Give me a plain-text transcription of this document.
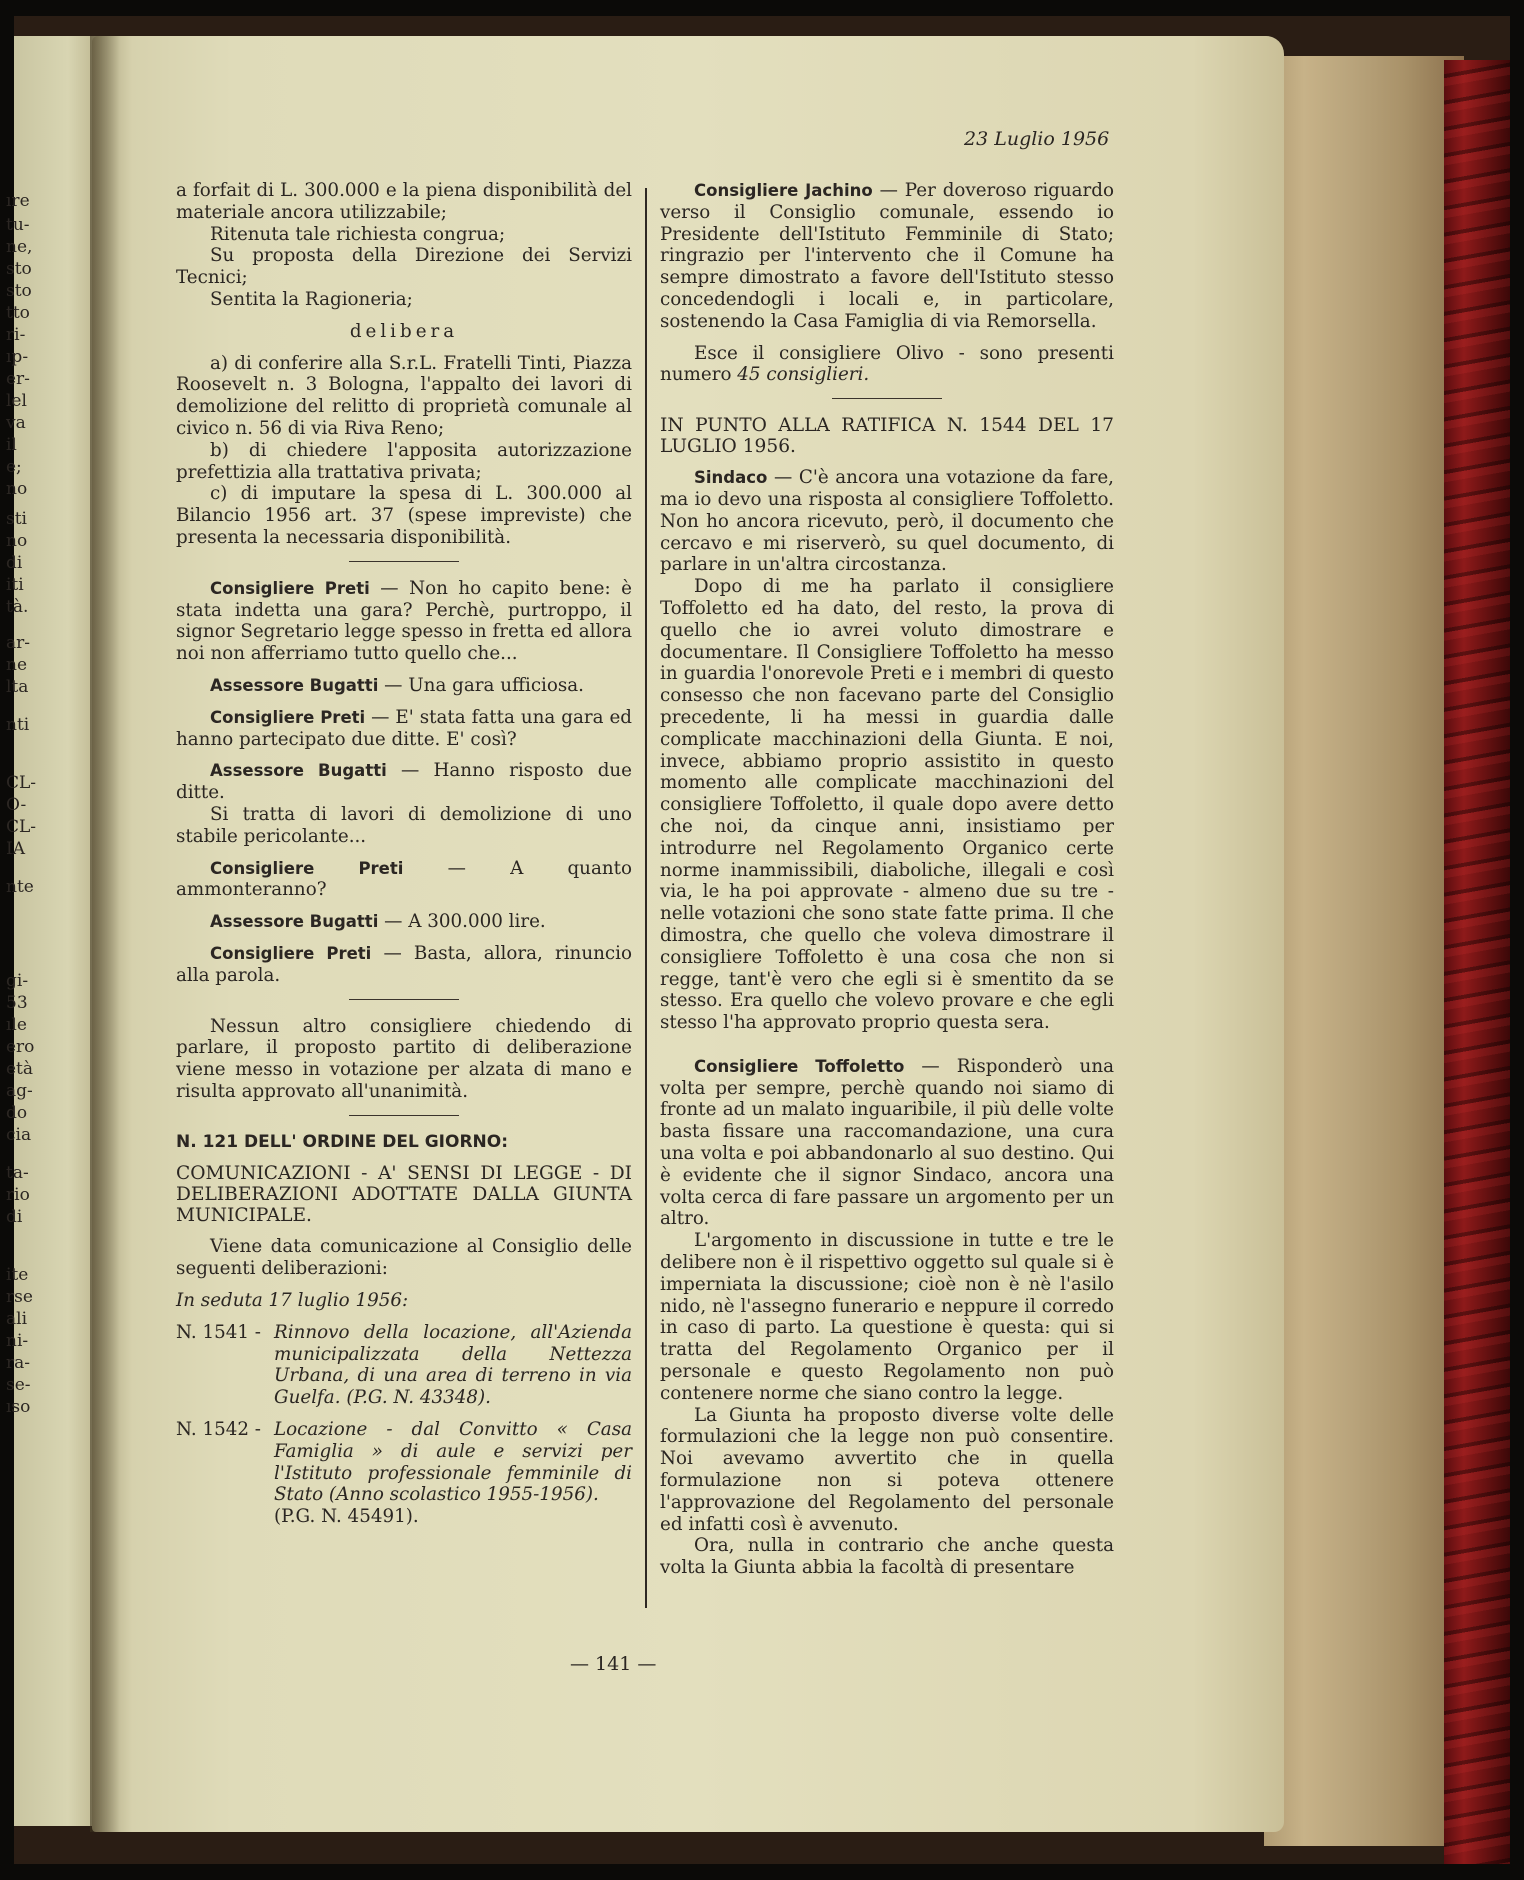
ıre
tu-
ne,
sto
sto
tto
ri-
ıp-
er-
lel
va
il
e;
no
sti
no
di
iti
tà.
ar-
ne
lta
nti
CL-
O-
CL-
IA
nte
gi-
53
ıle
ero
età
ag-
do
cia
ta-
rio
di
ite
rse
ali
ni-
ra-
se-
ıso
23 Luglio 1956

a forfait di L. 300.000 e la piena disponibilità del materiale ancora utilizzabile;

Ritenuta tale richiesta congrua;

Su proposta della Direzione dei Servizi Tecnici;

Sentita la Ragioneria;

delibera

a) di conferire alla S.r.L. Fratelli Tinti, Piazza Roosevelt n. 3 Bologna, l'appalto dei lavori di demolizione del relitto di proprietà comunale al civico n. 56 di via Riva Reno;

b) di chiedere l'apposita autorizzazione prefettizia alla trattativa privata;

c) di imputare la spesa di L. 300.000 al Bilancio 1956 art. 37 (spese impreviste) che presenta la necessaria disponibilità.

Consigliere Preti — Non ho capito bene: è stata indetta una gara? Perchè, purtroppo, il signor Segretario legge spesso in fretta ed allora noi non afferriamo tutto quello che...

Assessore Bugatti — Una gara ufficiosa.

Consigliere Preti — E' stata fatta una gara ed hanno partecipato due ditte. E' così?

Assessore Bugatti — Hanno risposto due ditte.

Si tratta di lavori di demolizione di uno stabile pericolante...

Consigliere Preti — A quanto ammonteranno?

Assessore Bugatti — A 300.000 lire.

Consigliere Preti — Basta, allora, rinuncio alla parola.

Nessun altro consigliere chiedendo di parlare, il proposto partito di deliberazione viene messo in votazione per alzata di mano e risulta approvato all'unanimità.

N. 121 DELL' ORDINE DEL GIORNO:

COMUNICAZIONI - A' SENSI DI LEGGE - DI DELIBERAZIONI ADOTTATE DALLA GIUNTA MUNICIPALE.

Viene data comunicazione al Consiglio delle seguenti deliberazioni:

In seduta 17 luglio 1956:

N. 1541 - Rinnovo della locazione, all'Azienda municipalizzata della Nettezza Urbana, di una area di terreno in via Guelfa. (P.G. N. 43348).
N. 1542 - Locazione - dal Convitto « Casa Famiglia » di aule e servizi per l'Istituto professionale femminile di Stato (Anno scolastico 1955-1956).
(P.G. N. 45491).

Consigliere Jachino — Per doveroso riguardo verso il Consiglio comunale, essendo io Presidente dell'Istituto Femminile di Stato; ringrazio per l'intervento che il Comune ha sempre dimostrato a favore dell'Istituto stesso concedendogli i locali e, in particolare, sostenendo la Casa Famiglia di via Remorsella.

Esce il consigliere Olivo - sono presenti numero 45 consiglieri.

IN PUNTO ALLA RATIFICA N. 1544 DEL 17 LUGLIO 1956.

Sindaco — C'è ancora una votazione da fare, ma io devo una risposta al consigliere Toffoletto. Non ho ancora ricevuto, però, il documento che cercavo e mi riserverò, su quel documento, di parlare in un'altra circostanza.

Dopo di me ha parlato il consigliere Toffoletto ed ha dato, del resto, la prova di quello che io avrei voluto dimostrare e documentare. Il Consigliere Toffoletto ha messo in guardia l'onorevole Preti e i membri di questo consesso che non facevano parte del Consiglio precedente, li ha messi in guardia dalle complicate macchinazioni della Giunta. E noi, invece, abbiamo proprio assistito in questo momento alle complicate macchinazioni del consigliere Toffoletto, il quale dopo avere detto che noi, da cinque anni, insistiamo per introdurre nel Regolamento Organico certe norme inammissibili, diaboliche, illegali e così via, le ha poi approvate - almeno due su tre - nelle votazioni che sono state fatte prima. Il che dimostra, che quello che voleva dimostrare il consigliere Toffoletto è una cosa che non si regge, tant'è vero che egli si è smentito da se stesso. Era quello che volevo provare e che egli stesso l'ha approvato proprio questa sera.

Consigliere Toffoletto — Risponderò una volta per sempre, perchè quando noi siamo di fronte ad un malato inguaribile, il più delle volte basta fissare una raccomandazione, una cura una volta e poi abbandonarlo al suo destino. Qui è evidente che il signor Sindaco, ancora una volta cerca di fare passare un argomento per un altro.

L'argomento in discussione in tutte e tre le delibere non è il rispettivo oggetto sul quale si è imperniata la discussione; cioè non è nè l'asilo nido, nè l'assegno funerario e neppure il corredo in caso di parto. La questione è questa: qui si tratta del Regolamento Organico per il personale e questo Regolamento non può contenere norme che siano contro la legge.

La Giunta ha proposto diverse volte delle formulazioni che la legge non può consentire. Noi avevamo avvertito che in quella formulazione non si poteva ottenere l'approvazione del Regolamento del personale ed infatti così è avvenuto.

Ora, nulla in contrario che anche questa volta la Giunta abbia la facoltà di presentare

— 141 —
